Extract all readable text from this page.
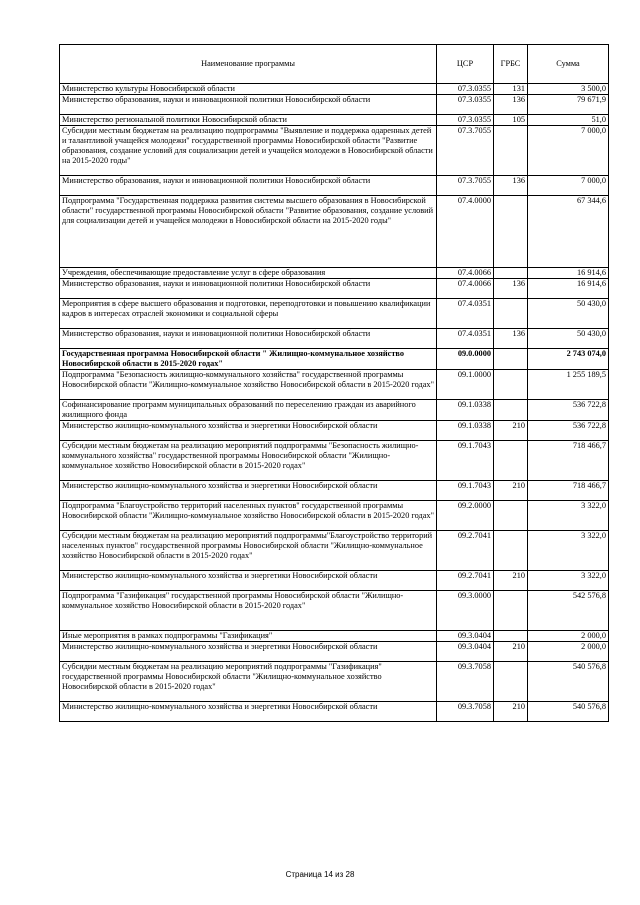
Наименование программы	ЦСР	ГРБС	Сумма
Министерство культуры Новосибирской области	07.3.0355	131	3 500,0
Министерство образования, науки и инновационной политики Новосибирской области	07.3.0355	136	79 671,9
Министерство региональной политики Новосибирской области	07.3.0355	105	51,0
Субсидии местным бюджетам на реализацию подпрограммы "Выявление и поддержка одаренных детей и талантливой учащейся молодежи" государственной программы Новосибирской области "Развитие образования, создание условий для социализации детей и учащейся молодежи в Новосибирской области на 2015-2020 годы"	07.3.7055		7 000,0
Министерство образования, науки и инновационной политики Новосибирской области	07.3.7055	136	7 000,0
Подпрограмма "Государственная поддержка развития системы высшего образования в Новосибирской области" государственной программы Новосибирской области "Развитие образования, создание условий для социализации детей и учащейся молодежи в Новосибирской области на 2015-2020 годы"	07.4.0000		67 344,6
Учреждения, обеспечивающие предоставление услуг в сфере образования	07.4.0066		16 914,6
Министерство образования, науки и инновационной политики Новосибирской области	07.4.0066	136	16 914,6
Мероприятия в сфере высшего образования и подготовки, переподготовки и повышению квалификации кадров в интересах отраслей экономики и социальной сферы	07.4.0351		50 430,0
Министерство образования, науки и инновационной политики Новосибирской области	07.4.0351	136	50 430,0
Государственная программа Новосибирской области " Жилищно-коммунальное хозяйство Новосибирской области в 2015-2020 годах"	09.0.0000		2 743 074,0
Подпрограмма "Безопасность жилищно-коммунального хозяйства" государственной программы Новосибирской области "Жилищно-коммунальное хозяйство Новосибирской области в 2015-2020 годах"	09.1.0000		1 255 189,5
Софинансирование программ муниципальных образований по переселению граждан из аварийного жилищного фонда	09.1.0338		536 722,8
Министерство жилищно-коммунального хозяйства и энергетики Новосибирской области	09.1.0338	210	536 722,8
Субсидии местным бюджетам на реализацию мероприятий подпрограммы "Безопасность жилищно-коммунального хозяйства" государственной программы Новосибирской области "Жилищно-коммунальное хозяйство Новосибирской области в 2015-2020 годах"	09.1.7043		718 466,7
Министерство жилищно-коммунального хозяйства и энергетики Новосибирской области	09.1.7043	210	718 466,7
Подпрограмма "Благоустройство территорий населенных пунктов" государственной программы Новосибирской области "Жилищно-коммунальное хозяйство Новосибирской области в 2015-2020 годах"	09.2.0000		3 322,0
Субсидии местным бюджетам на реализацию мероприятий подпрограммы"Благоустройство территорий населенных пунктов" государственной программы Новосибирской области "Жилищно-коммунальное хозяйство Новосибирской области в 2015-2020 годах"	09.2.7041		3 322,0
Министерство жилищно-коммунального хозяйства и энергетики Новосибирской области	09.2.7041	210	3 322,0
Подпрограмма "Газификация" государственной программы Новосибирской области "Жилищно-коммунальное хозяйство Новосибирской области в 2015-2020 годах"	09.3.0000		542 576,8
Иные мероприятия в рамках подпрограммы "Газификация"	09.3.0404		2 000,0
Министерство жилищно-коммунального хозяйства и энергетики Новосибирской области	09.3.0404	210	2 000,0
Субсидии местным бюджетам на реализацию мероприятий подпрограммы "Газификация" государственной программы Новосибирской области "Жилищно-коммунальное хозяйство Новосибирской области в 2015-2020 годах"	09.3.7058		540 576,8
Министерство жилищно-коммунального хозяйства и энергетики Новосибирской области	09.3.7058	210	540 576,8
Страница 14 из 28
